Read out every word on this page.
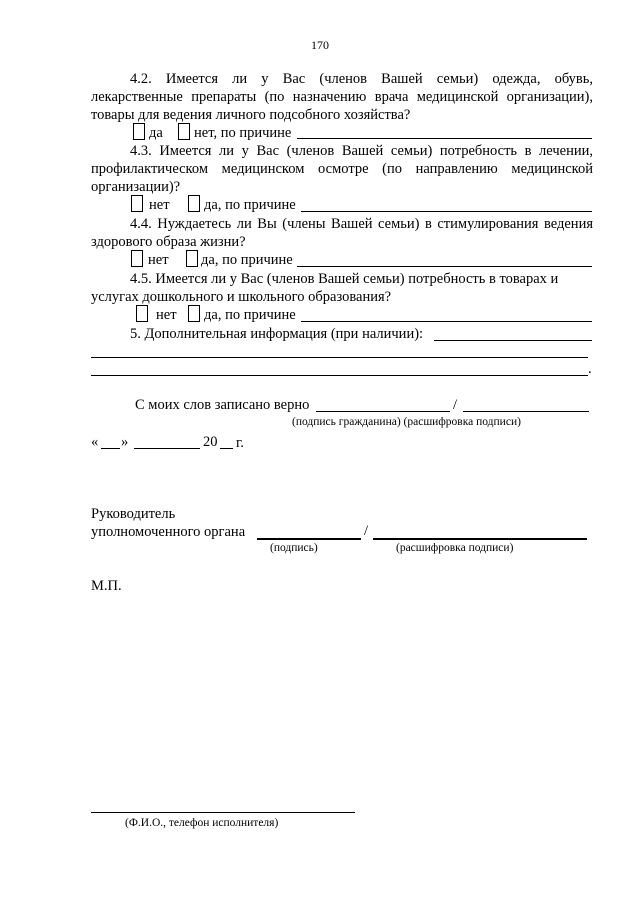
170
4.2. Имеется ли у Вас (членов Вашей семьи) одежда, обувь,
лекарственные препараты (по назначению врача медицинской организации),
товары для ведения личного подсобного хозяйства?
да нет, по причине
4.3. Имеется ли у Вас (членов Вашей семьи) потребность в лечении,
профилактическом медицинском осмотре (по направлению медицинской
организации)?
нет да, по причине
4.4. Нуждаетесь ли Вы (члены Вашей семьи) в стимулирования ведения
здорового образа жизни?
нет да, по причине
4.5. Имеется ли у Вас (членов Вашей семьи) потребность в товарах и
услугах дошкольного и школьного образования?
нет да, по причине
5. Дополнительная информация (при наличии):
.
С моих слов записано верно	/
(подпись гражданина) (расшифровка подписи)
« »	20 г.
Руководитель
уполномоченного органа	/
(подпись)	(расшифровка подписи)
М.П.
(Ф.И.О., телефон исполнителя)
